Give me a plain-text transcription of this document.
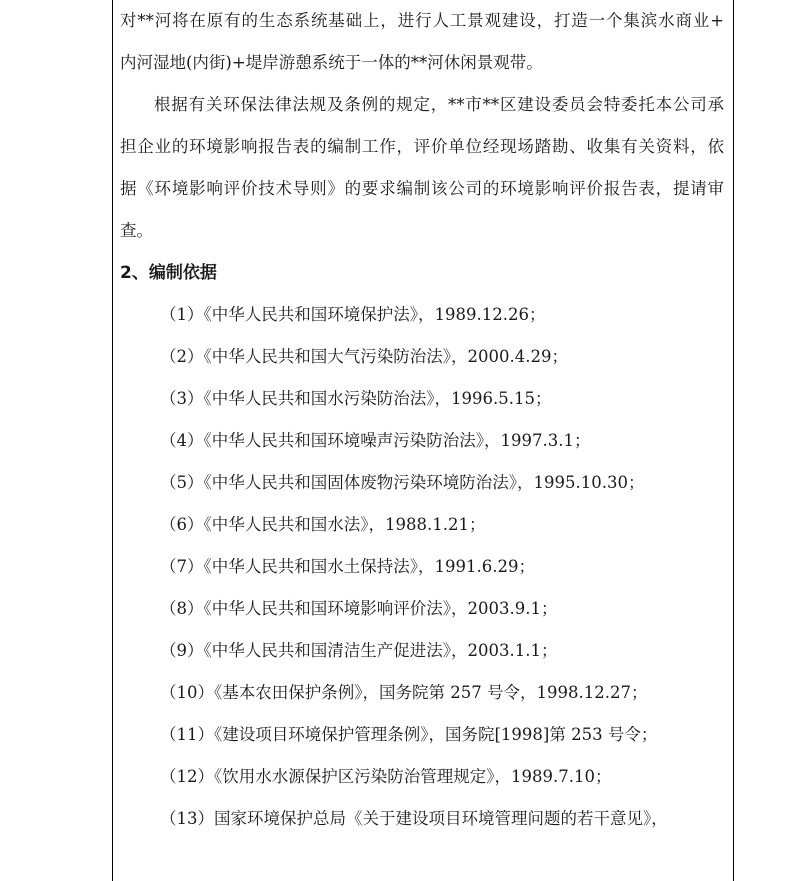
对**河将在原有的生态系统基础上，进行人工景观建设，打造一个集滨水商业+
内河湿地(内街)+堤岸游憩系统于一体的**河休闲景观带。
根据有关环保法律法规及条例的规定，**市**区建设委员会特委托本公司承
担企业的环境影响报告表的编制工作，评价单位经现场踏勘、收集有关资料，依
据《环境影响评价技术导则》的要求编制该公司的环境影响评价报告表，提请审
查。
2、编制依据
（1）《中华人民共和国环境保护法》，1989.12.26；
（2）《中华人民共和国大气污染防治法》，2000.4.29；
（3）《中华人民共和国水污染防治法》，1996.5.15；
（4）《中华人民共和国环境噪声污染防治法》，1997.3.1；
（5）《中华人民共和国固体废物污染环境防治法》，1995.10.30；
（6）《中华人民共和国水法》，1988.1.21；
（7）《中华人民共和国水土保持法》，1991.6.29；
（8）《中华人民共和国环境影响评价法》，2003.9.1；
（9）《中华人民共和国清洁生产促进法》，2003.1.1；
（10）《基本农田保护条例》，国务院第 257 号令，1998.12.27；
（11）《建设项目环境保护管理条例》，国务院[1998]第 253 号令；
（12）《饮用水水源保护区污染防治管理规定》，1989.7.10；
（13）国家环境保护总局《关于建设项目环境管理问题的若干意见》，
